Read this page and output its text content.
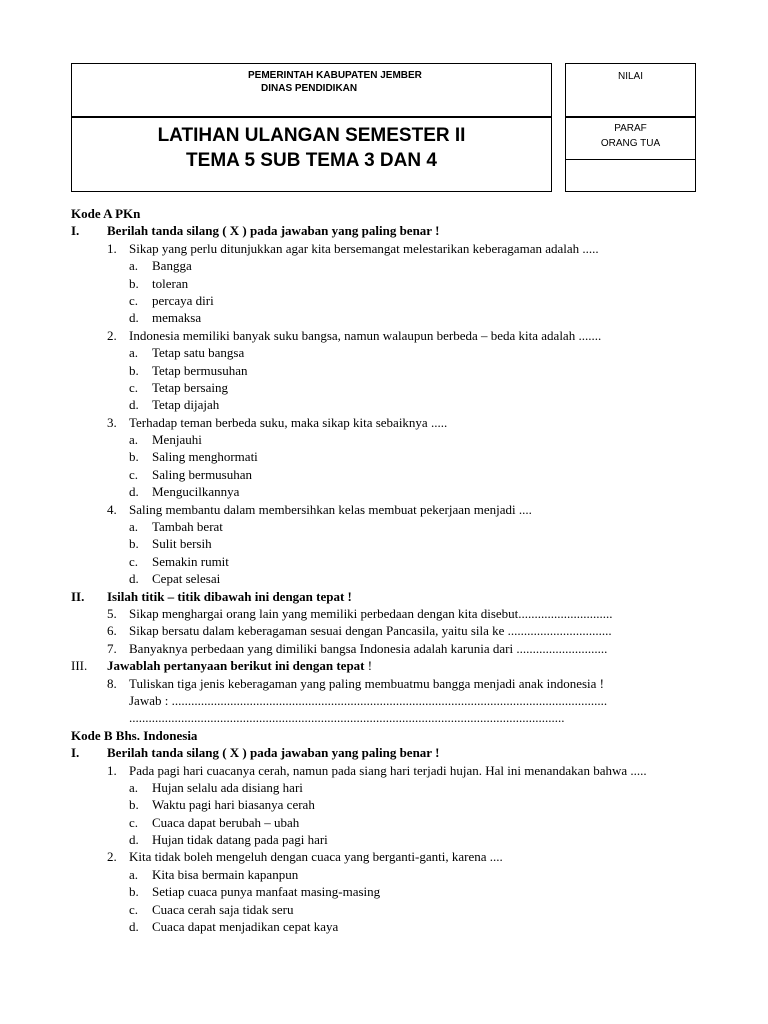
PEMERINTAH KABUPATEN JEMBER
DINAS PENDIDIKAN
LATIHAN ULANGAN SEMESTER II
TEMA 5 SUB TEMA 3 DAN 4
NILAI
PARAF
ORANG TUA
Kode A PKn
I. Berilah tanda silang ( X ) pada jawaban yang paling benar !
1. Sikap yang perlu ditunjukkan agar kita bersemangat melestarikan keberagaman adalah .....
a. Bangga
b. toleran
c. percaya diri
d. memaksa
2. Indonesia memiliki banyak suku bangsa, namun walaupun berbeda – beda kita adalah .......
a. Tetap satu bangsa
b. Tetap bermusuhan
c. Tetap bersaing
d. Tetap dijajah
3. Terhadap teman berbeda suku, maka sikap kita sebaiknya .....
a. Menjauhi
b. Saling menghormati
c. Saling bermusuhan
d. Mengucilkannya
4. Saling membantu dalam membersihkan kelas membuat pekerjaan menjadi ....
a. Tambah berat
b. Sulit bersih
c. Semakin rumit
d. Cepat selesai
II. Isilah titik – titik dibawah ini dengan tepat !
5. Sikap menghargai orang lain yang memiliki perbedaan dengan kita disebut.............................
6. Sikap bersatu dalam keberagaman sesuai dengan Pancasila, yaitu sila ke ................................
7. Banyaknya perbedaan yang dimiliki bangsa Indonesia adalah karunia dari ............................
III. Jawablah pertanyaan berikut ini dengan tepat !
8. Tuliskan tiga jenis keberagaman yang paling membuatmu bangga menjadi anak indonesia !
Jawab : ......................................................................................................................................
......................................................................................................................................
Kode B Bhs. Indonesia
I. Berilah tanda silang ( X ) pada jawaban yang paling benar !
1. Pada pagi hari cuacanya cerah, namun pada siang hari terjadi hujan. Hal ini menandakan bahwa .....
a. Hujan selalu ada disiang hari
b. Waktu pagi hari biasanya cerah
c. Cuaca dapat berubah – ubah
d. Hujan tidak datang pada pagi hari
2. Kita tidak boleh mengeluh dengan cuaca yang berganti-ganti, karena ....
a. Kita bisa bermain kapanpun
b. Setiap cuaca punya manfaat masing-masing
c. Cuaca cerah saja tidak seru
d. Cuaca dapat menjadikan cepat kaya
